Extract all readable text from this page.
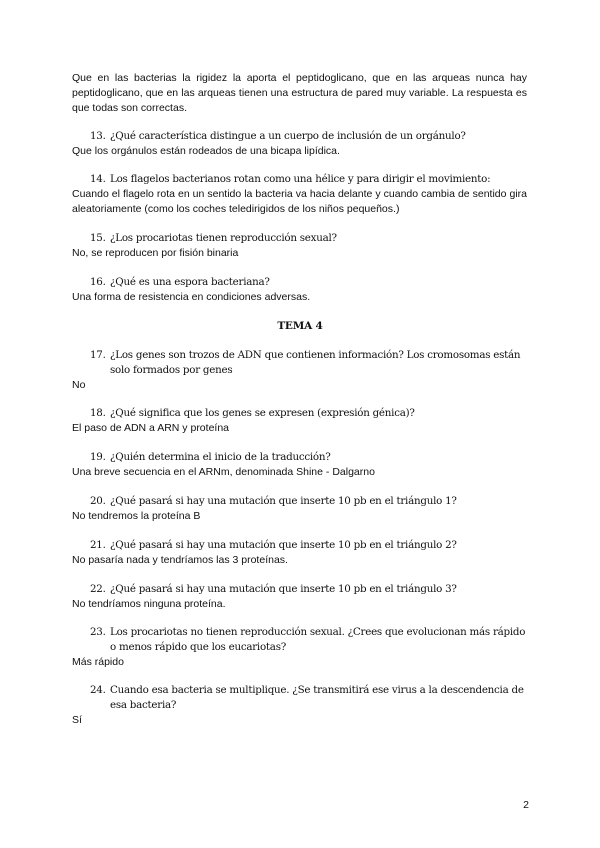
Que en las bacterias la rigidez la aporta el peptidoglicano, que en las arqueas nunca hay peptidoglicano, que en las arqueas tienen una estructura de pared muy variable. La respuesta es que todas son correctas.
13. ¿Qué característica distingue a un cuerpo de inclusión de un orgánulo?
Que los orgánulos están rodeados de una bicapa lipídica.
14. Los flagelos bacterianos rotan como una hélice y para dirigir el movimiento:
Cuando el flagelo rota en un sentido la bacteria va hacia delante y cuando cambia de sentido gira aleatoriamente (como los coches teledirigidos de los niños pequeños.)
15. ¿Los procariotas tienen reproducción sexual?
No, se reproducen por fisión binaria
16. ¿Qué es una espora bacteriana?
Una forma de resistencia en condiciones adversas.
TEMA 4
17. ¿Los genes son trozos de ADN que contienen información? Los cromosomas están solo formados por genes
No
18. ¿Qué significa que los genes se expresen (expresión génica)?
El paso de ADN a ARN y proteína
19. ¿Quién determina el inicio de la traducción?
Una breve secuencia en el ARNm, denominada Shine - Dalgarno
20. ¿Qué pasará si hay una mutación que inserte 10 pb en el triángulo 1?
No tendremos la proteína B
21. ¿Qué pasará si hay una mutación que inserte 10 pb en el triángulo 2?
No pasaría nada y tendríamos las 3 proteínas.
22. ¿Qué pasará si hay una mutación que inserte 10 pb en el triángulo 3?
No tendríamos ninguna proteína.
23. Los procariotas no tienen reproducción sexual. ¿Crees que evolucionan más rápido o menos rápido que los eucariotas?
Más rápido
24. Cuando esa bacteria se multiplique. ¿Se transmitirá ese virus a la descendencia de esa bacteria?
Sí
2
